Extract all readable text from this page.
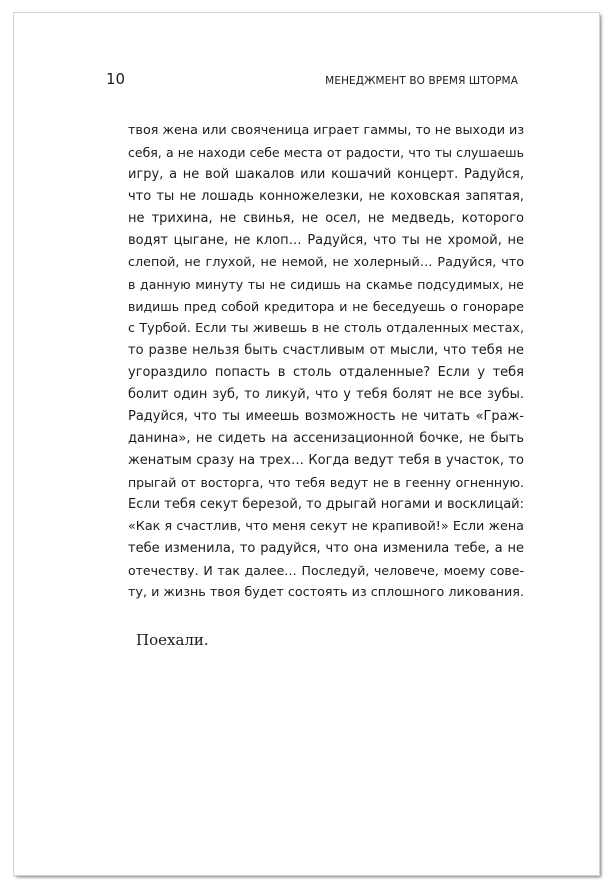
10	МЕНЕДЖМЕНТ ВО ВРЕМЯ ШТОРМА

твоя жена или свояченица играет гаммы, то не выходи из
себя, а не находи себе места от радости, что ты слушаешь
игру, а не вой шакалов или кошачий концерт. Радуйся,
что ты не лошадь конножелезки, не коховская запятая,
не трихина, не свинья, не осел, не медведь, которого
водят цыгане, не клоп… Радуйся, что ты не хромой, не
слепой, не глухой, не немой, не холерный… Радуйся, что
в данную минуту ты не сидишь на скамье подсудимых, не
видишь пред собой кредитора и не беседуешь о гонораре
с Турбой. Если ты живешь в не столь отдаленных местах,
то разве нельзя быть счастливым от мысли, что тебя не
угораздило попасть в столь отдаленные? Если у тебя
болит один зуб, то ликуй, что у тебя болят не все зубы.
Радуйся, что ты имеешь возможность не читать «Граж-
данина», не сидеть на ассенизационной бочке, не быть
женатым сразу на трех… Когда ведут тебя в участок, то
прыгай от восторга, что тебя ведут не в геенну огненную.
Если тебя секут березой, то дрыгай ногами и восклицай:
«Как я счастлив, что меня секут не крапивой!» Если жена
тебе изменила, то радуйся, что она изменила тебе, а не
отечеству. И так далее… Последуй, человече, моему сове-
ту, и жизнь твоя будет состоять из сплошного ликования.

Поехали.
